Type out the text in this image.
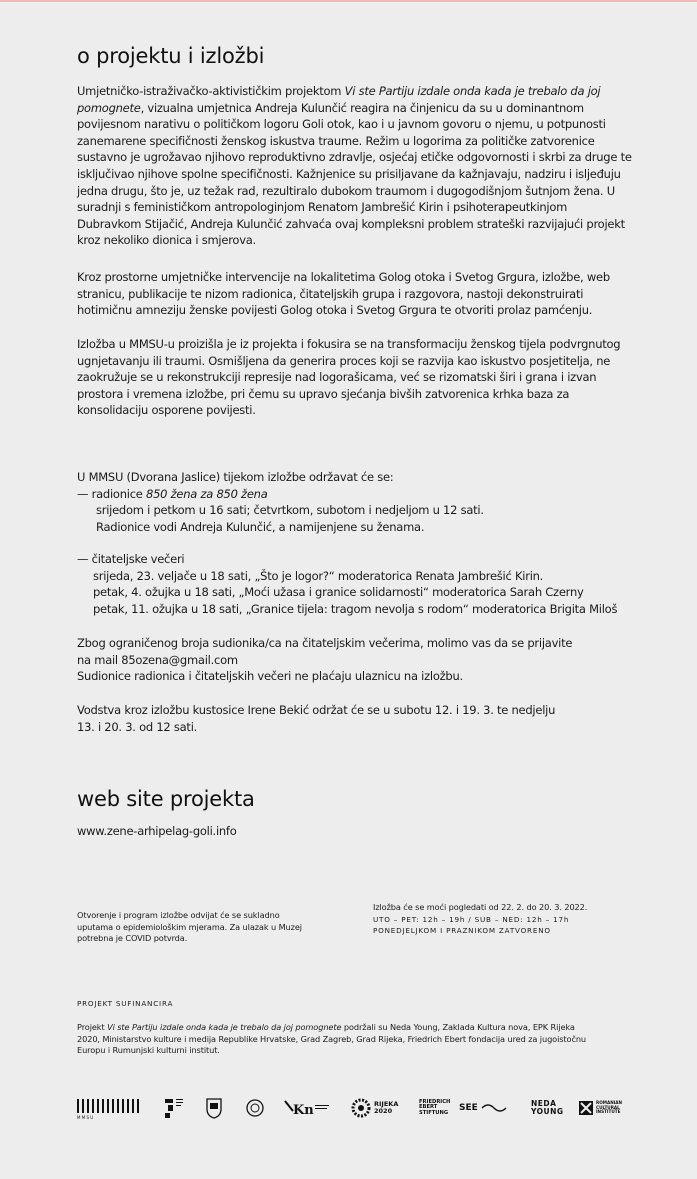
o projektu i izložbi

Umjetničko-istraživačko-aktivističkim projektom Vi ste Partiju izdale onda kada je trebalo da joj pomognete, vizualna umjetnica Andreja Kulunčić reagira na činjenicu da su u dominantnom povijesnom narativu o političkom logoru Goli otok, kao i u javnom govoru o njemu, u potpunosti zanemarene specifičnosti ženskog iskustva traume. Režim u logorima za političke zatvorenice sustavno je ugrožavao njihovo reproduktivno zdravlje, osjećaj etičke odgovornosti i skrbi za druge te isključivao njihove spolne specifičnosti. Kažnjenice su prisiljavane da kažnjavaju, nadziru i isljeđuju jedna drugu, što je, uz težak rad, rezultiralo dubokom traumom i dugogodišnjom šutnjom žena. U suradnji s feminističkom antropologinjom Renatom Jambrešić Kirin i psihoterapeutkinjom Dubravkom Stijačić, Andreja Kulunčić zahvaća ovaj kompleksni problem strateški razvijajući projekt kroz nekoliko dionica i smjerova.

Kroz prostorne umjetničke intervencije na lokalitetima Golog otoka i Svetog Grgura, izložbe, web stranicu, publikacije te nizom radionica, čitateljskih grupa i razgovora, nastoji dekonstruirati hotimičnu amneziju ženske povijesti Golog otoka i Svetog Grgura te otvoriti prolaz pamćenju.

Izložba u MMSU-u proizišla je iz projekta i fokusira se na transformaciju ženskog tijela podvrgnutog ugnjetavanju ili traumi. Osmišljena da generira proces koji se razvija kao iskustvo posjetitelja, ne zaokružuje se u rekonstrukciji represije nad logorašicama, već se rizomatski širi i grana i izvan prostora i vremena izložbe, pri čemu su upravo sjećanja bivših zatvorenica krhka baza za konsolidaciju osporene povijesti.

U MMSU (Dvorana Jaslice) tijekom izložbe održavat će se:

— radionice 850 žena za 850 žena

srijedom i petkom u 16 sati; četvrtkom, subotom i nedjeljom u 12 sati.

Radionice vodi Andreja Kulunčić, a namijenjene su ženama.

— čitateljske večeri

srijeda, 23. veljače u 18 sati, „Što je logor?“ moderatorica Renata Jambrešić Kirin.

petak, 4. ožujka u 18 sati, „Moći užasa i granice solidarnosti“ moderatorica Sarah Czerny

petak, 11. ožujka u 18 sati, „Granice tijela: tragom nevolja s rodom“ moderatorica Brigita Miloš

Zbog ograničenog broja sudionika/ca na čitateljskim večerima, molimo vas da se prijavite

na mail 85ozena@gmail.com

Sudionice radionica i čitateljskih večeri ne plaćaju ulaznicu na izložbu.

Vodstva kroz izložbu kustosice Irene Bekić održat će se u subotu 12. i 19. 3. te nedjelju

13. i 20. 3. od 12 sati.

web site projekta

www.zene-arhipelag-goli.info

Otvorenje i program izložbe odvijat će se sukladno uputama o epidemiološkim mjerama. Za ulazak u Muzej potrebna je COVID potvrda.

Izložba će se moći pogledati od 22. 2. do 20. 3. 2022.

UTO – PET: 12h – 19h / SUB – NED: 12h – 17h

PONEDJELJKOM I PRAZNIKOM ZATVORENO

PROJEKT SUFINANCIRA

Projekt Vi ste Partiju izdale onda kada je trebalo da joj pomognete podržali su Neda Young, Zaklada Kultura nova, EPK Rijeka 2020, Ministarstvo kulture i medija Republike Hrvatske, Grad Zagreb, Grad Rijeka, Friedrich Ebert fondacija ured za jugoistočnu Europu i Rumunjski kulturni institut.

M M S U	Kn	RIJEKA
2020
FRIEDRICH
EBERT
STIFTUNG
SEE	NEDA
YOUNG
ROMANIAN
CULTURAL
INSTITUTE
